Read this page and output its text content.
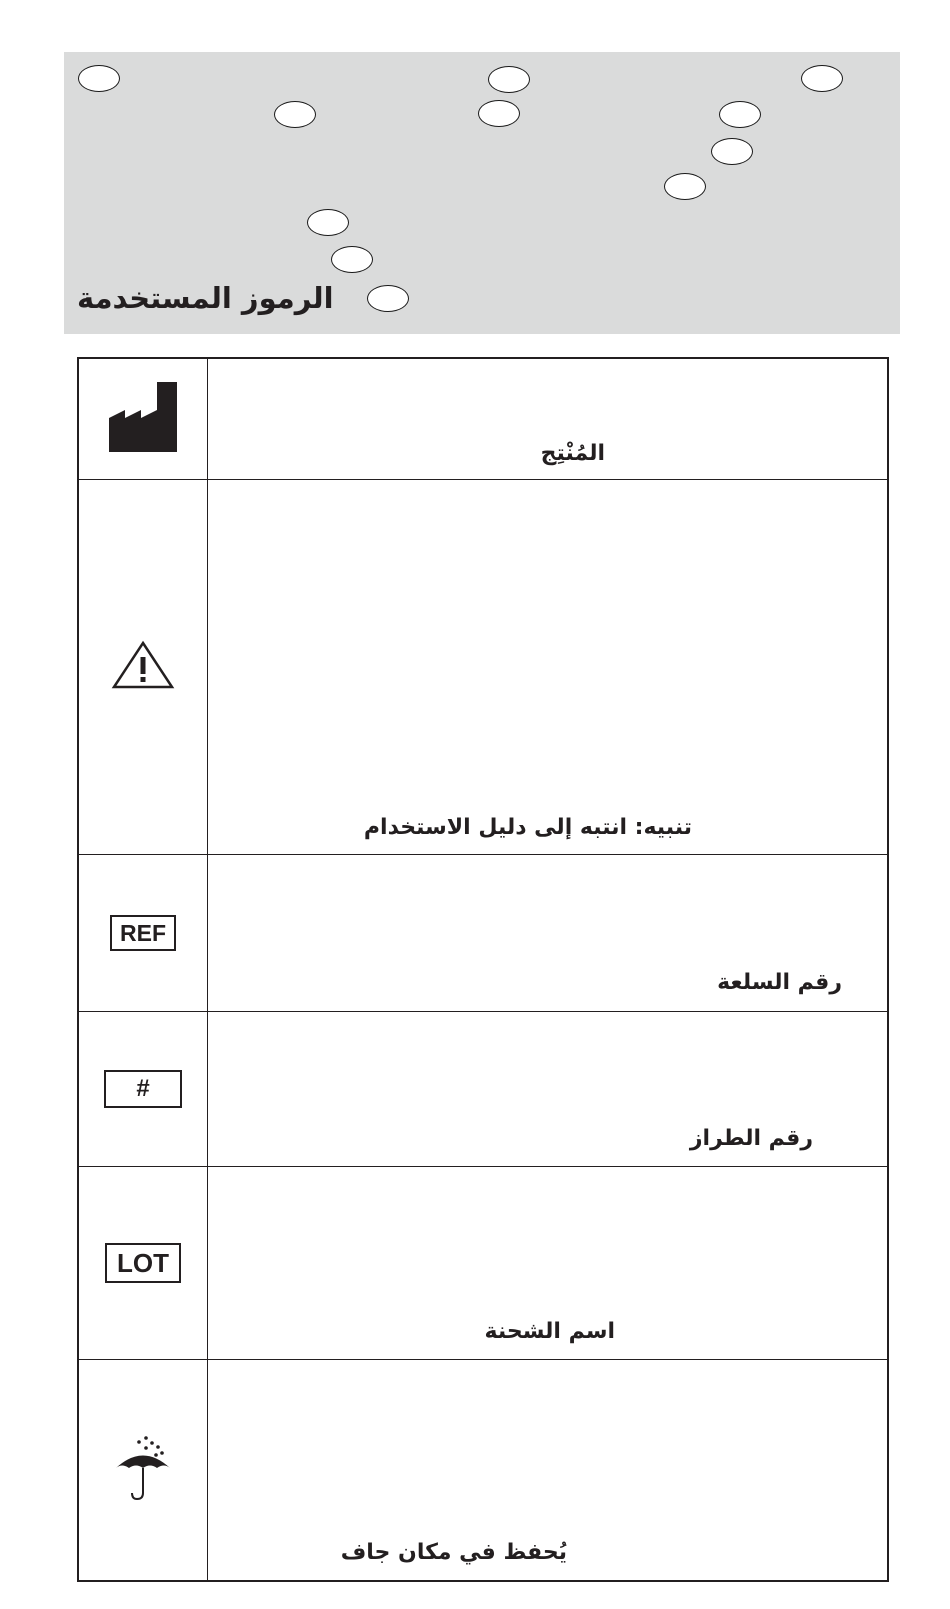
الرموز المستخدمة
المُنْتِج
تنبيه: انتبه إلى دليل الاستخدام
REF
رقم السلعة
#
رقم الطراز
LOT
اسم الشحنة
يُحفظ في مكان جاف
